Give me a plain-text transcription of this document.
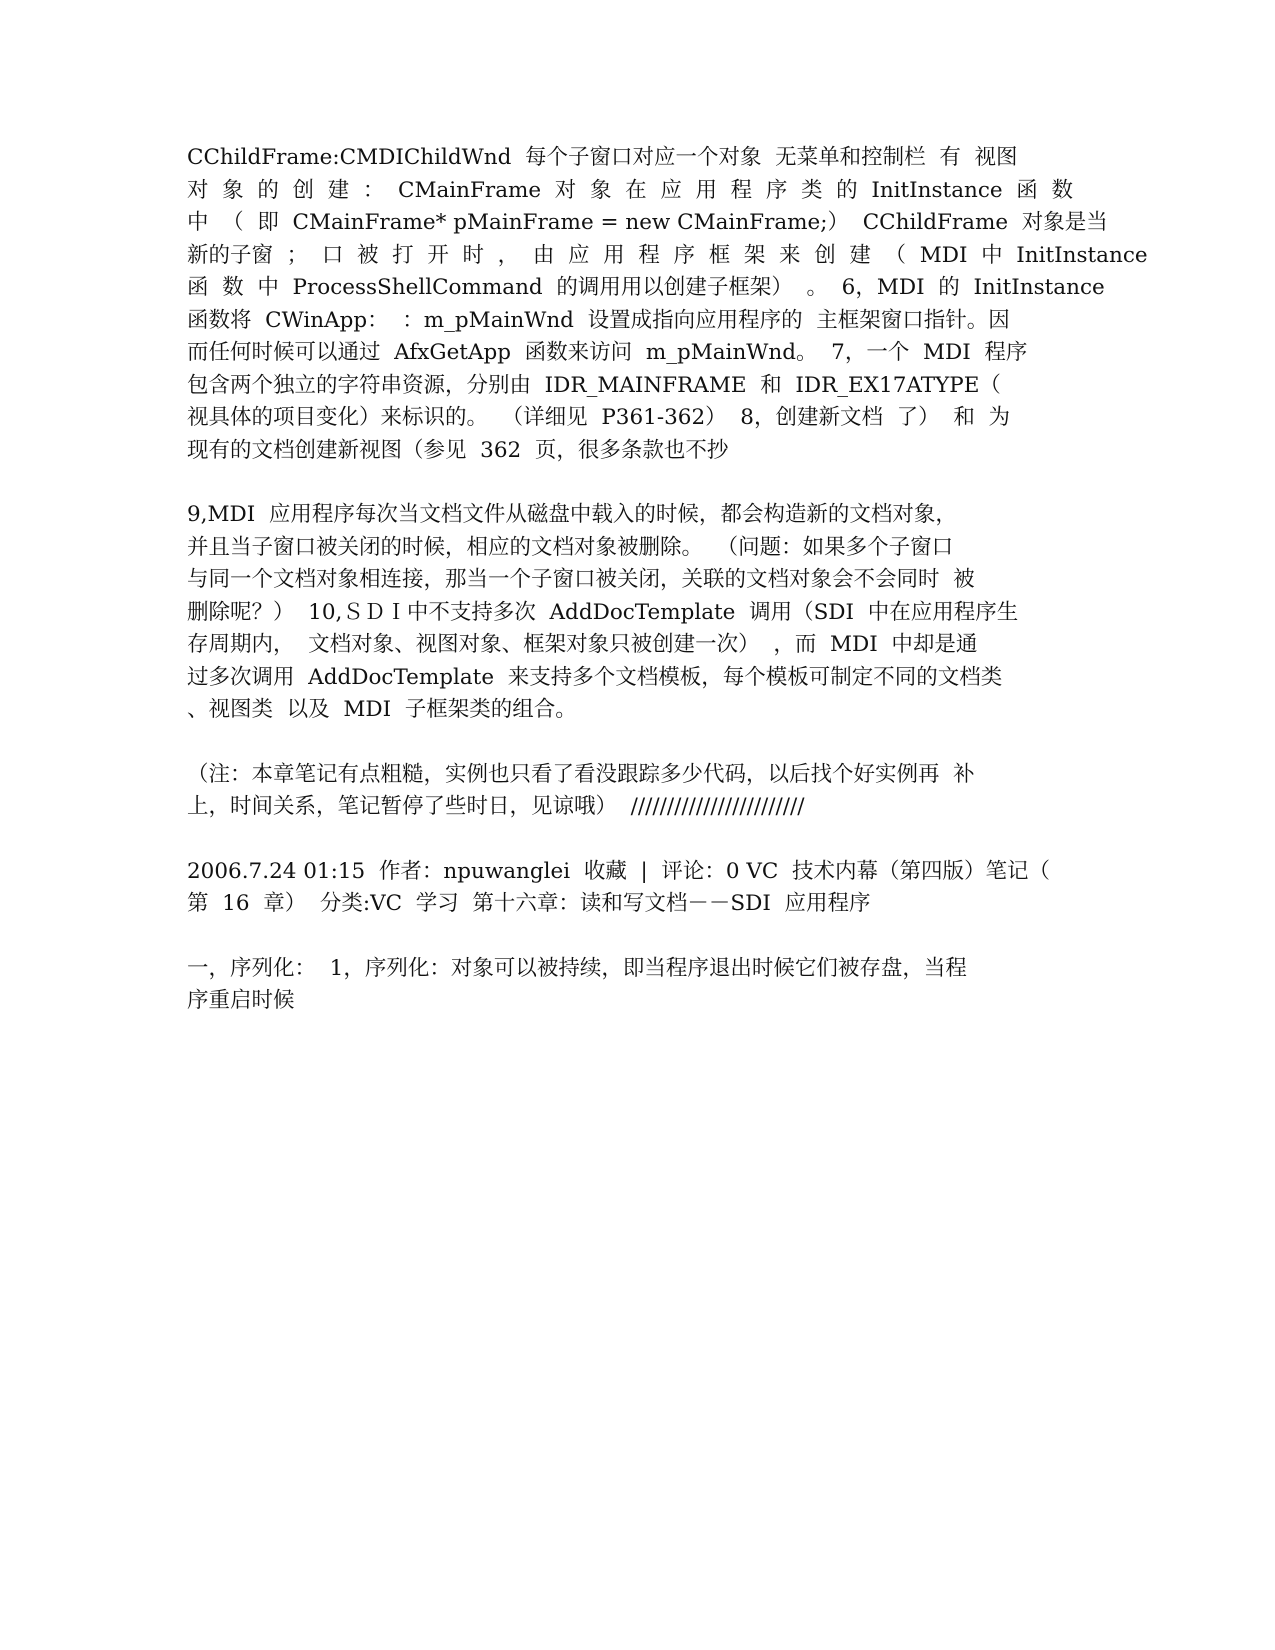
CChildFrame:CMDIChildWnd  每个子窗口对应一个对象  无菜单和控制栏  有  视图
对  象  的  创  建  ：  CMainFrame  对  象  在  应  用  程  序  类  的  InitInstance  函  数
中  （  即  CMainFrame* pMainFrame = new CMainFrame;）  CChildFrame  对象是当
新的子窗  ；  口  被  打  开  时  ，  由  应  用  程  序  框  架  来  创  建  （  MDI  中  InitInstance
函  数  中  ProcessShellCommand  的调用用以创建子框架）  。  6，MDI  的  InitInstance
函数将  CWinApp：  ：m_pMainWnd  设置成指向应用程序的  主框架窗口指针。因
而任何时候可以通过  AfxGetApp  函数来访问  m_pMainWnd。  7，一个  MDI  程序
包含两个独立的字符串资源，分别由  IDR_MAINFRAME  和  IDR_EX17ATYPE（
视具体的项目变化）来标识的。  （详细见  P361-362）  8，创建新文档  了）  和  为
现有的文档创建新视图（参见  362  页，很多条款也不抄
9,MDI  应用程序每次当文档文件从磁盘中载入的时候，都会构造新的文档对象，
并且当子窗口被关闭的时候，相应的文档对象被删除。  （问题：如果多个子窗口
与同一个文档对象相连接，那当一个子窗口被关闭，关联的文档对象会不会同时  被
删除呢？）  10,ＳＤＩ中不支持多次  AddDocTemplate  调用（SDI  中在应用程序生
存周期内，  文档对象、视图对象、框架对象只被创建一次）  ，而  MDI  中却是通
过多次调用  AddDocTemplate  来支持多个文档模板，每个模板可制定不同的文档类
、视图类  以及  MDI  子框架类的组合。
（注：本章笔记有点粗糙，实例也只看了看没跟踪多少代码，以后找个好实例再  补
上，时间关系，笔记暂停了些时日，见谅哦）  ////////////////////////
2006.7.24 01:15  作者：npuwanglei  收藏  |  评论：0 VC  技术内幕（第四版）笔记（
第  16  章）  分类:VC  学习  第十六章：读和写文档－－SDI  应用程序
一，序列化：  1，序列化：对象可以被持续，即当程序退出时候它们被存盘，当程
序重启时候
